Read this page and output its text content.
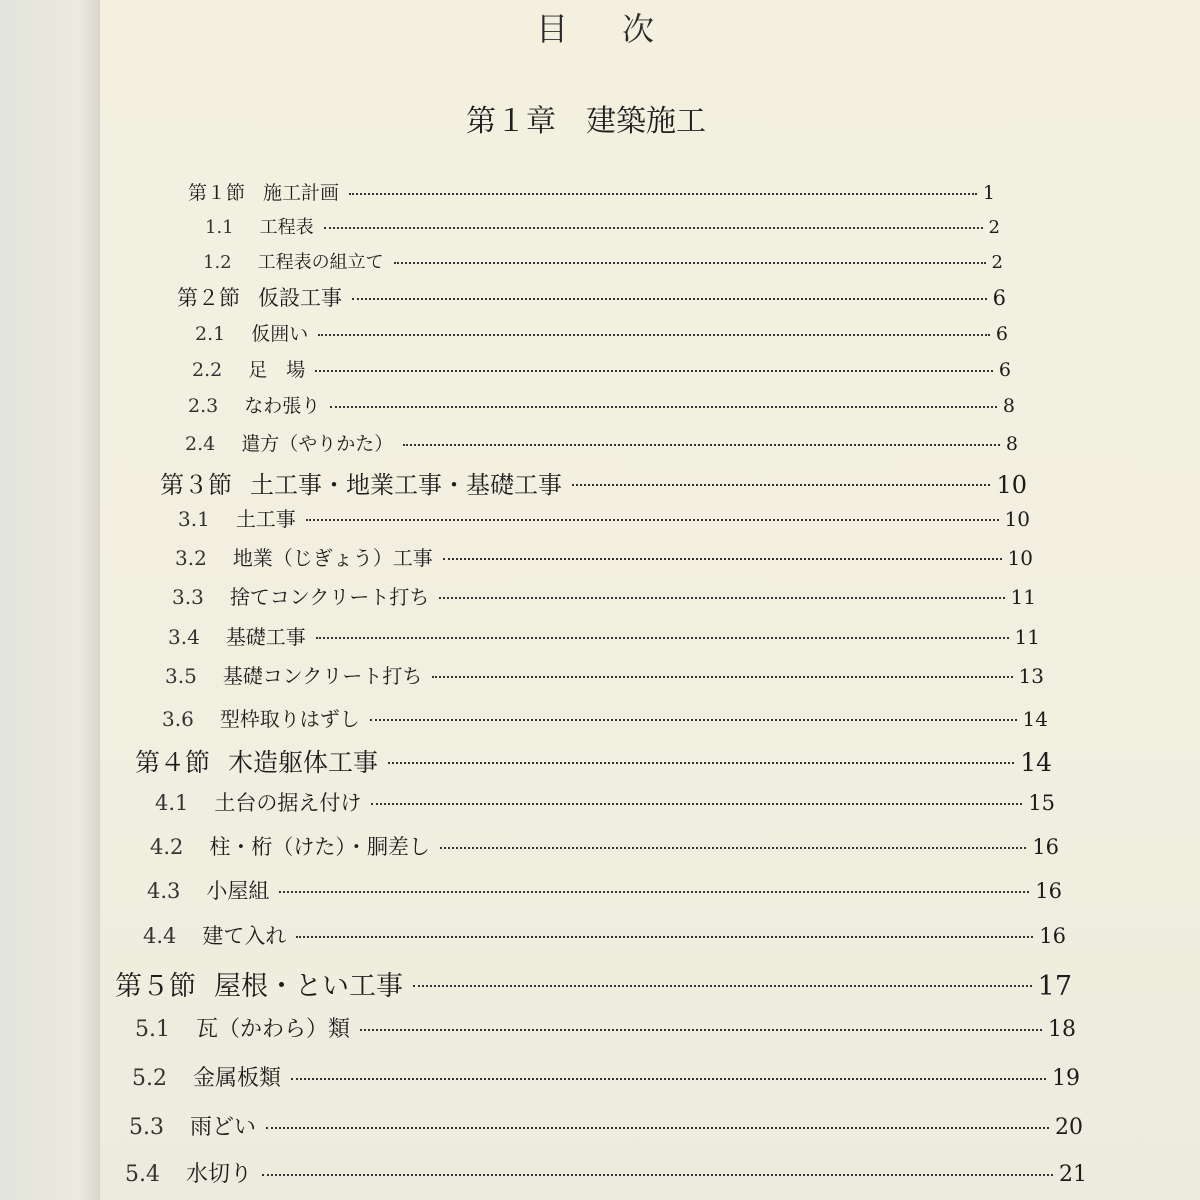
目次
第１章　建築施工
第１節 施工計画	1
1.1 工程表	2
1.2 工程表の組立て	2
第２節 仮設工事	6
2.1 仮囲い	6
2.2 足　場	6
2.3 なわ張り	8
2.4 遣方（やりかた）	8
第３節 土工事・地業工事・基礎工事	10
3.1 土工事	10
3.2 地業（じぎょう）工事	10
3.3 捨てコンクリート打ち	11
3.4 基礎工事	11
3.5 基礎コンクリート打ち	13
3.6 型枠取りはずし	14
第４節 木造躯体工事	14
4.1 土台の据え付け	15
4.2 柱・桁（けた）・胴差し	16
4.3 小屋組	16
4.4 建て入れ	16
第５節 屋根・とい工事	17
5.1 瓦（かわら）類	18
5.2 金属板類	19
5.3 雨どい	20
5.4 水切り	21
